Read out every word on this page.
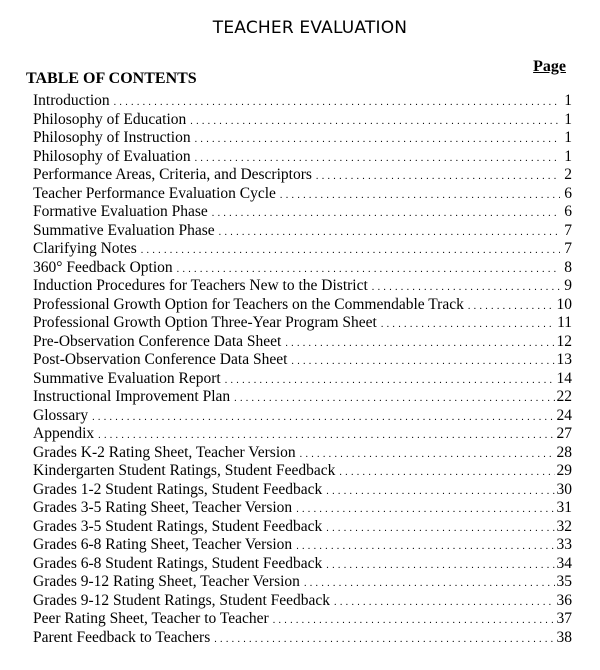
TEACHER EVALUATION
TABLE OF CONTENTS
Page
Introduction . . .	1
Philosophy of Education . . .	1
Philosophy of Instruction . . .	1
Philosophy of Evaluation . . .	1
Performance Areas, Criteria, and Descriptors . . .	2
Teacher Performance Evaluation Cycle . . .	6
Formative Evaluation Phase . . .	6
Summative Evaluation Phase . . .	7
Clarifying Notes . . .	7
360° Feedback Option . . .	8
Induction Procedures for Teachers New to the District . . .	9
Professional Growth Option for Teachers on the Commendable Track . . .	10
Professional Growth Option Three-Year Program Sheet . . .	11
Pre-Observation Conference Data Sheet . . .	12
Post-Observation Conference Data Sheet . . .	13
Summative Evaluation Report . . .	14
Instructional Improvement Plan . . .	22
Glossary . . .	24
Appendix . . .	27
Grades K-2 Rating Sheet, Teacher Version . . .	28
Kindergarten Student Ratings, Student Feedback . . .	29
Grades 1-2 Student Ratings, Student Feedback . . .	30
Grades 3-5 Rating Sheet, Teacher Version . . .	31
Grades 3-5 Student Ratings, Student Feedback . . .	32
Grades 6-8 Rating Sheet, Teacher Version . . .	33
Grades 6-8 Student Ratings, Student Feedback . . .	34
Grades 9-12 Rating Sheet, Teacher Version . . .	35
Grades 9-12 Student Ratings, Student Feedback . . .	36
Peer Rating Sheet, Teacher to Teacher . . .	37
Parent Feedback to Teachers . . .	38
